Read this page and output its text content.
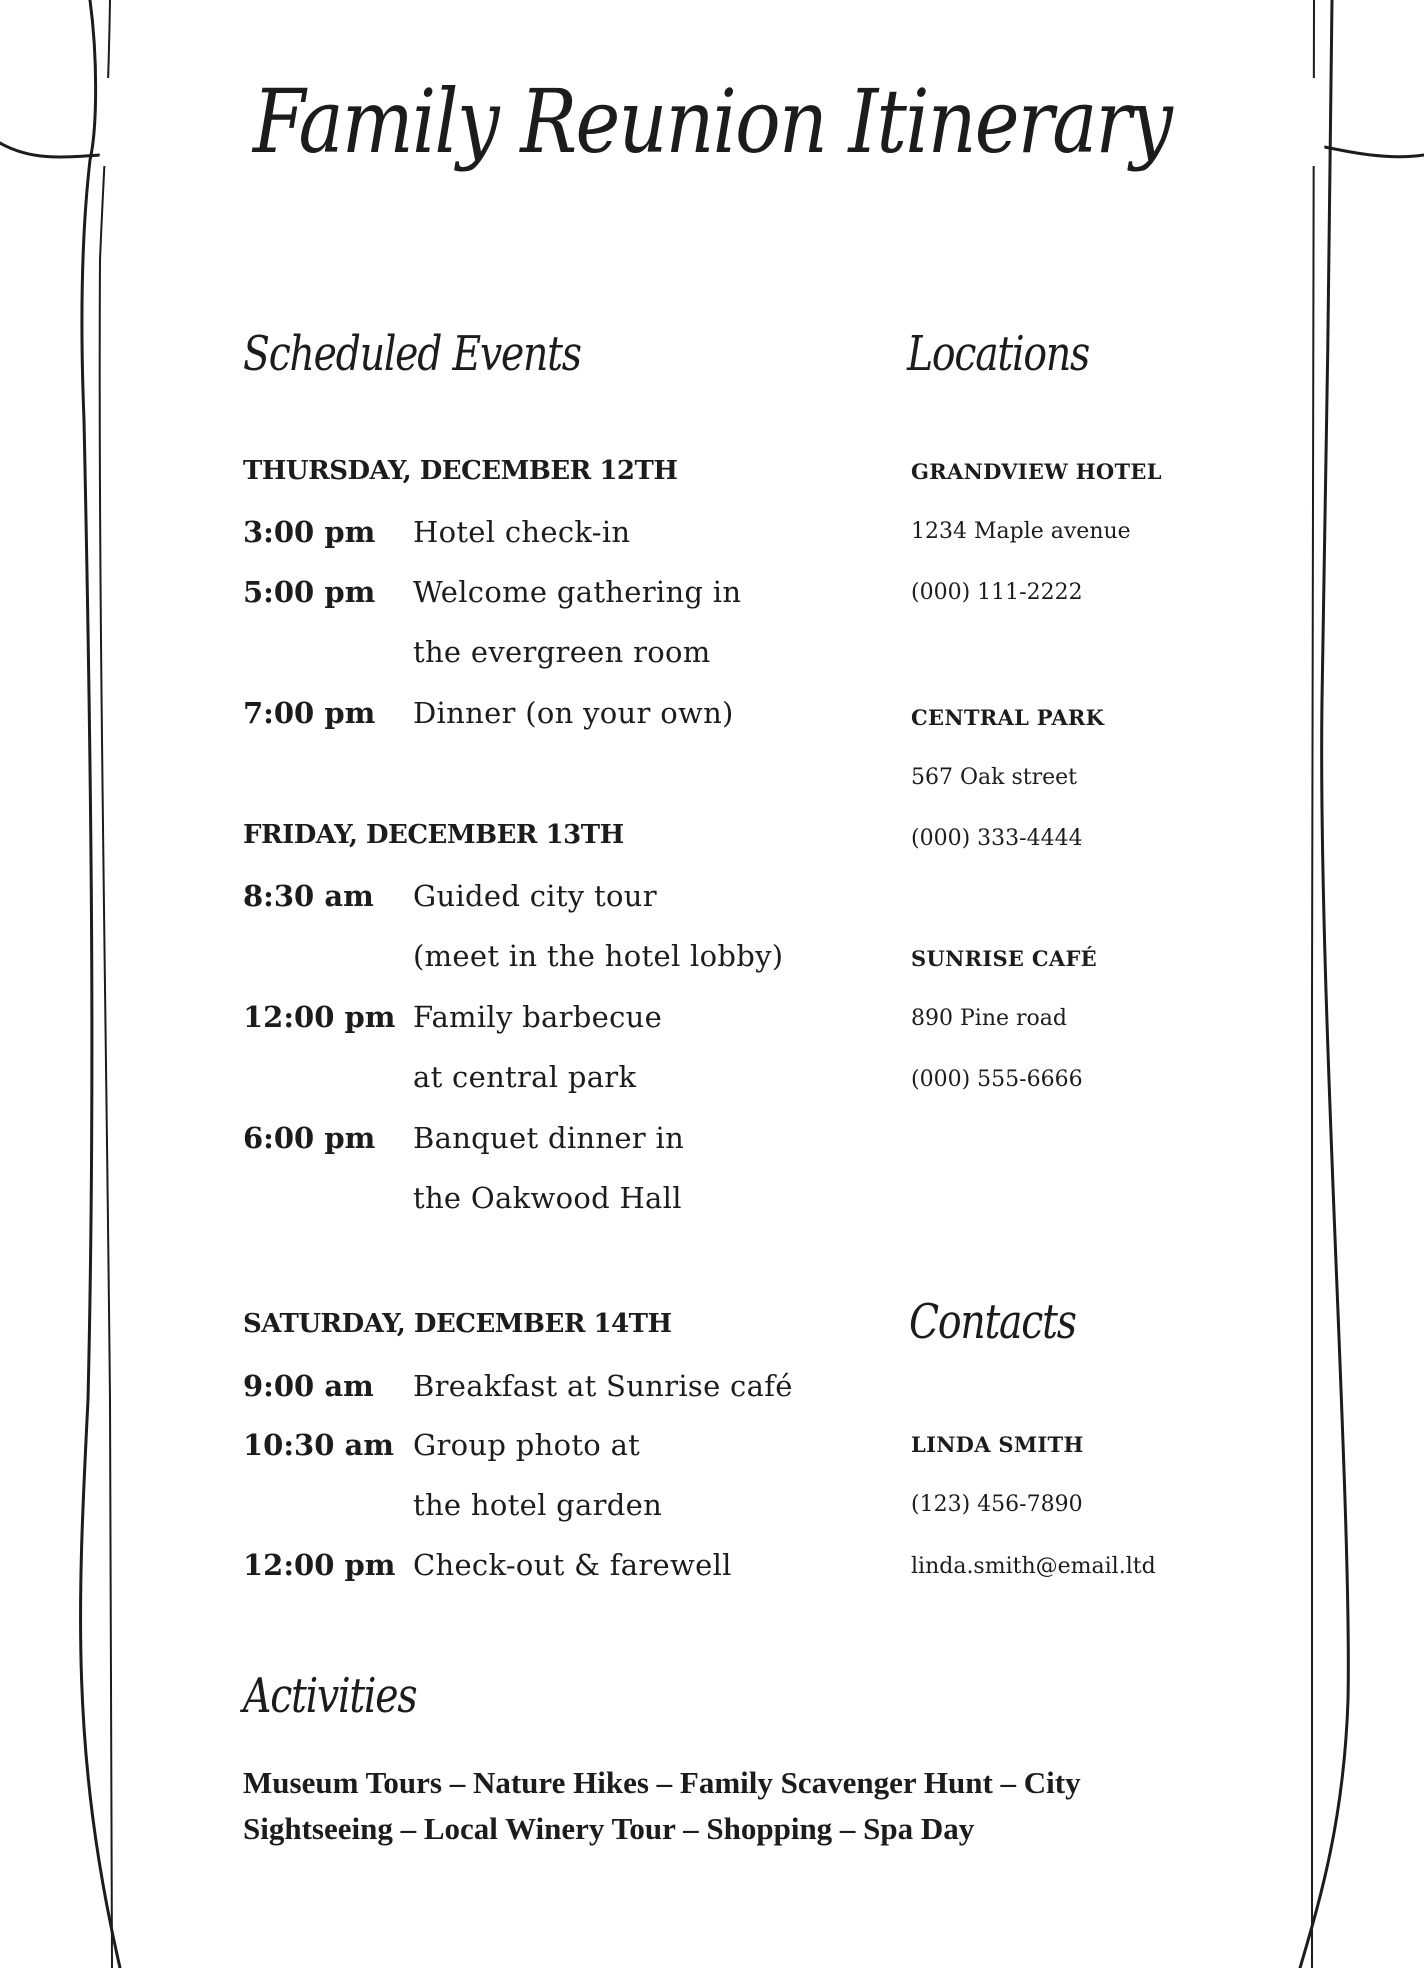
Family Reunion Itinerary
Scheduled Events	Locations
Contacts
Activities
THURSDAY, DECEMBER 12TH
3:00 pm Hotel check-in
5:00 pm Welcome gathering in
the evergreen room
7:00 pm Dinner (on your own)
FRIDAY, DECEMBER 13TH
8:30 am Guided city tour
(meet in the hotel lobby)
12:00 pm Family barbecue
at central park
6:00 pm Banquet dinner in
the Oakwood Hall
SATURDAY, DECEMBER 14TH
9:00 am Breakfast at Sunrise café
10:30 am Group photo at
the hotel garden
12:00 pm Check-out & farewell
GRANDVIEW HOTEL
1234 Maple avenue
(000) 111-2222
CENTRAL PARK
567 Oak street
(000) 333-4444
SUNRISE CAFÉ
890 Pine road
(000) 555-6666
LINDA SMITH
(123) 456-7890
linda.smith@email.ltd
Museum Tours – Nature Hikes – Family Scavenger Hunt – City Sightseeing – Local Winery Tour – Shopping – Spa Day
